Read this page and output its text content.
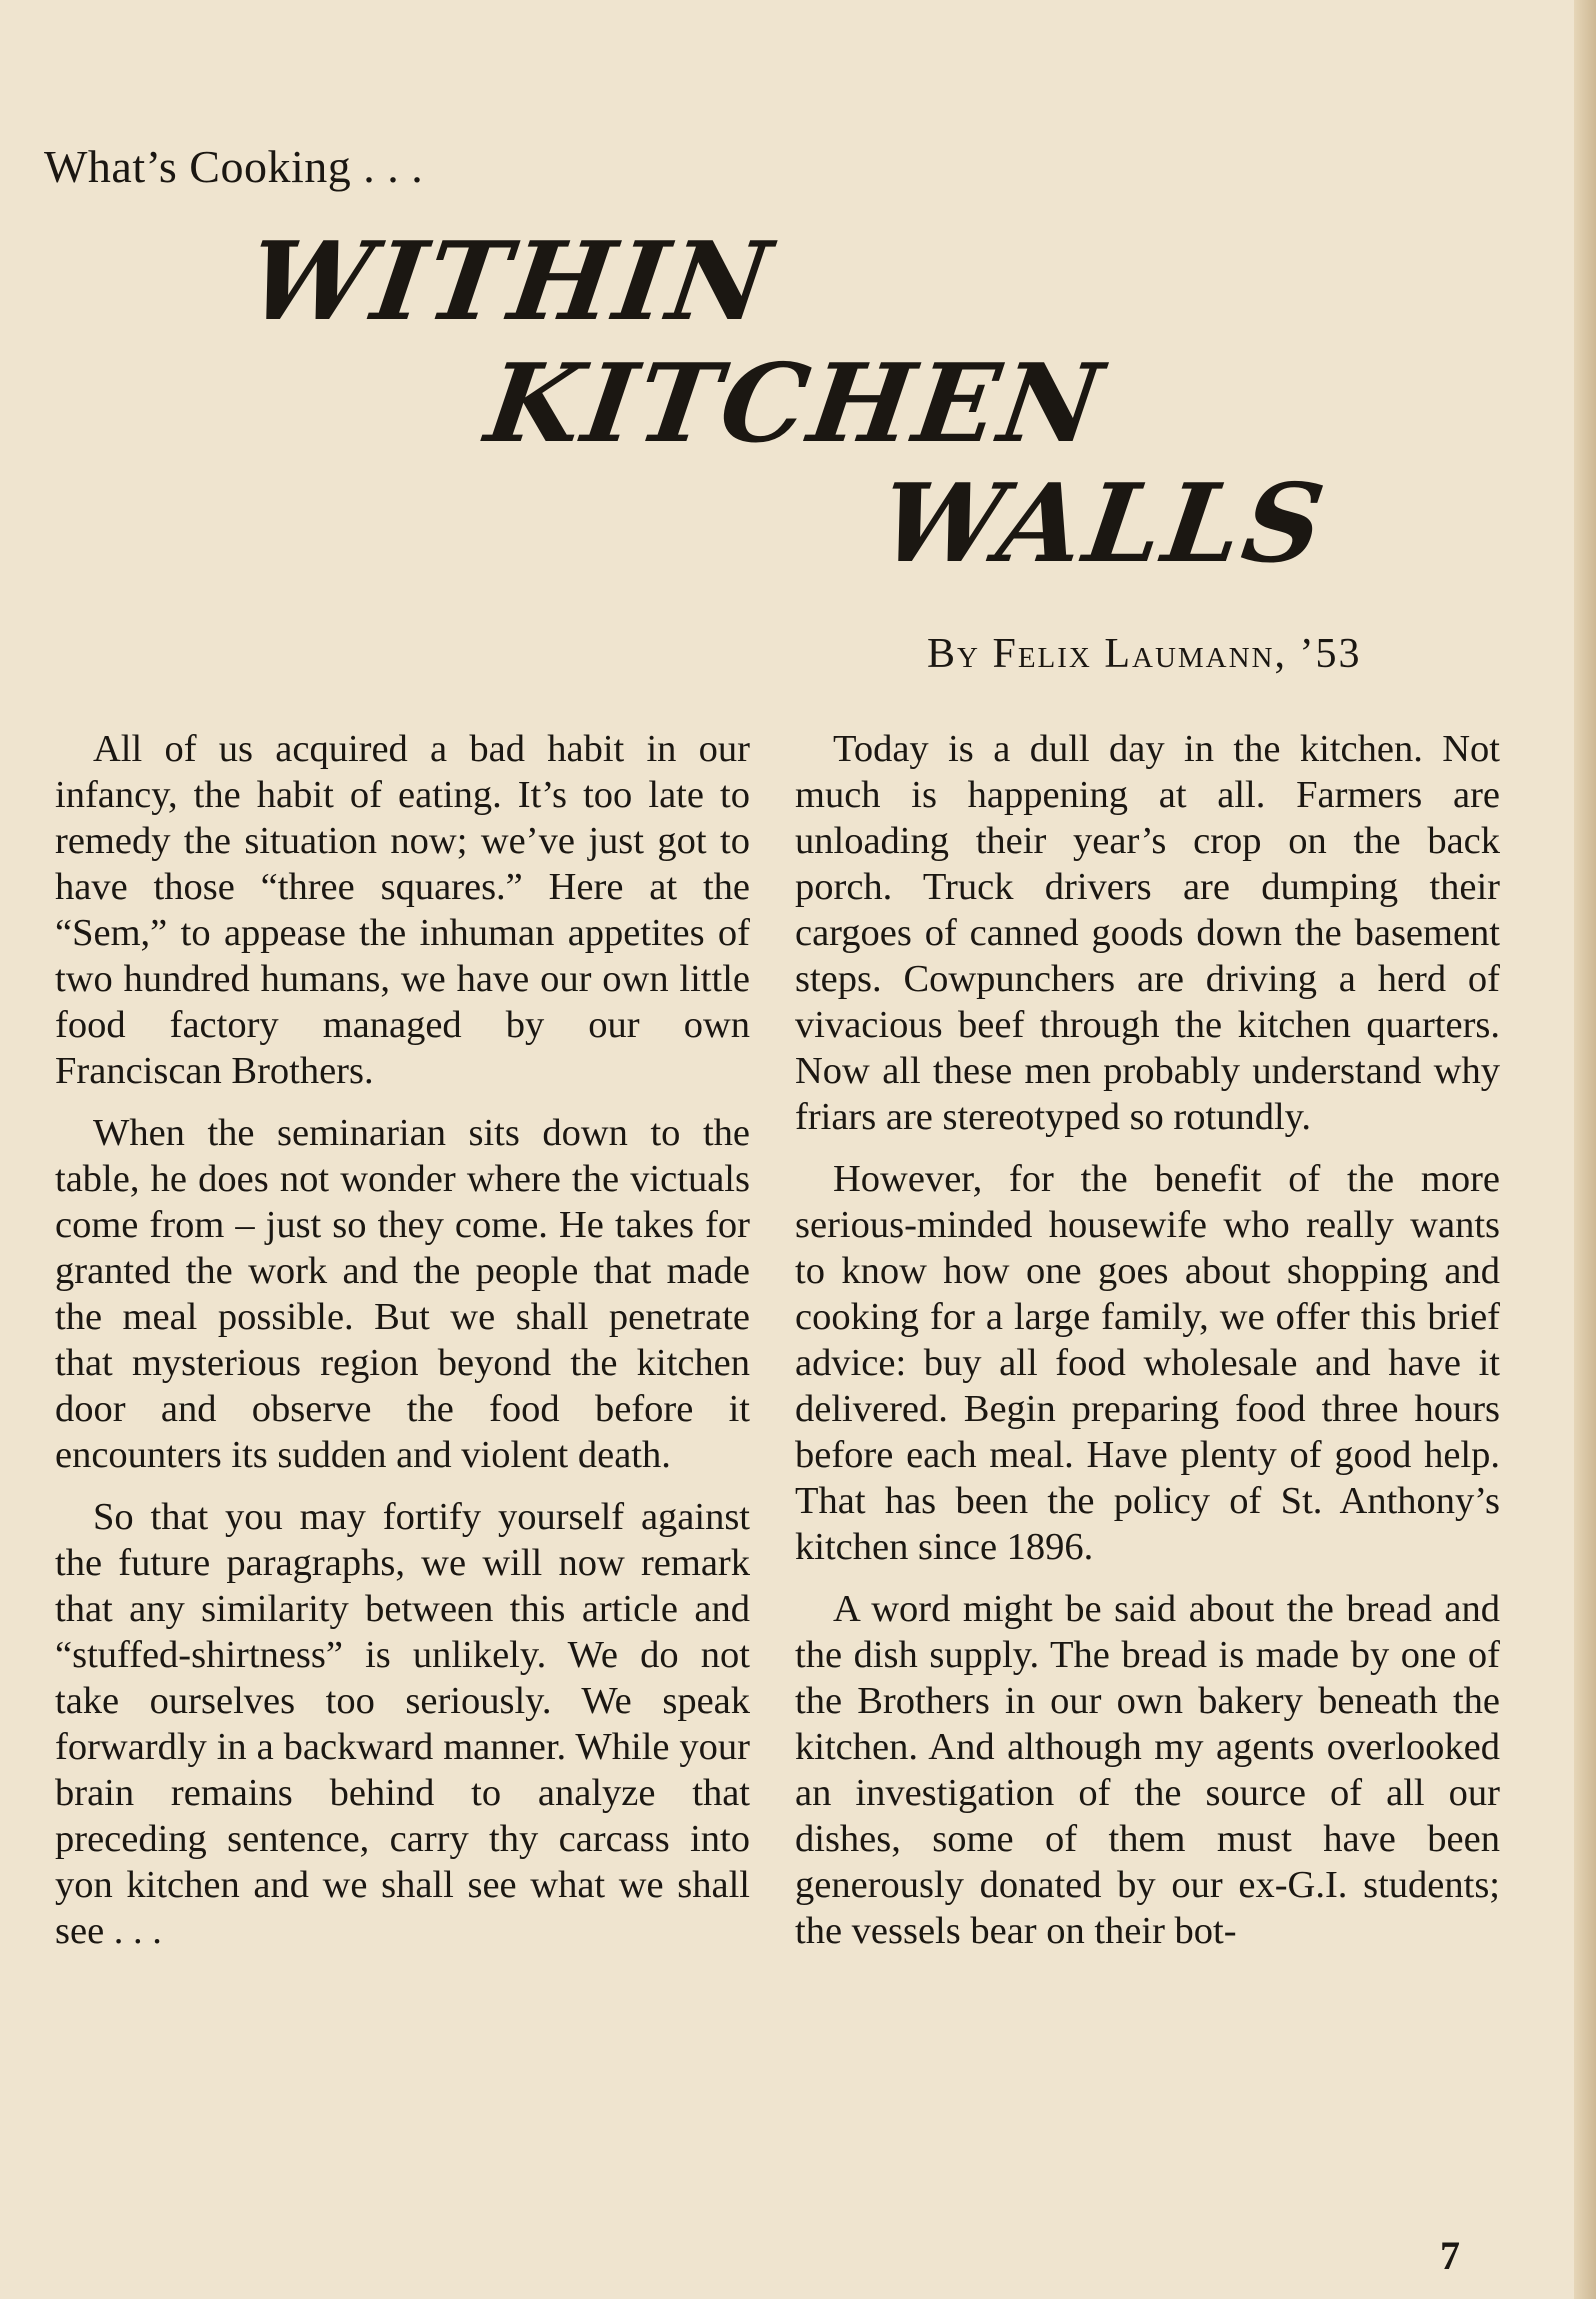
What’s Cooking . . .
WITHIN
KITCHEN
WALLS
By Felix Laumann, ’53

All of us acquired a bad habit in our infancy, the habit of eating. It’s too late to remedy the situation now; we’ve just got to have those “three squares.” Here at the “Sem,” to appease the inhuman appetites of two hundred humans, we have our own little food factory managed by our own Franciscan Brothers.

When the seminarian sits down to the table, he does not wonder where the victuals come from – just so they come. He takes for granted the work and the people that made the meal possible. But we shall penetrate that mysterious region beyond the kitchen door and observe the food before it encounters its sudden and violent death.

So that you may fortify yourself against the future paragraphs, we will now remark that any similarity between this article and “stuffed-shirtness” is unlikely. We do not take ourselves too seriously. We speak forwardly in a backward manner. While your brain remains behind to analyze that preceding sentence, carry thy carcass into yon kitchen and we shall see what we shall see . . .

Today is a dull day in the kitchen. Not much is happening at all. Farmers are unloading their year’s crop on the back porch. Truck drivers are dumping their cargoes of canned goods down the basement steps. Cowpunchers are driving a herd of vivacious beef through the kitchen quarters. Now all these men probably understand why friars are stereotyped so rotundly.

However, for the benefit of the more serious-minded housewife who really wants to know how one goes about shopping and cooking for a large family, we offer this brief advice: buy all food wholesale and have it delivered. Begin preparing food three hours before each meal. Have plenty of good help. That has been the policy of St. Anthony’s kitchen since 1896.

A word might be said about the bread and the dish supply. The bread is made by one of the Brothers in our own bakery beneath the kitchen. And although my agents overlooked an investigation of the source of all our dishes, some of them must have been generously donated by our ex-G.I. students; the vessels bear on their bot-

7
